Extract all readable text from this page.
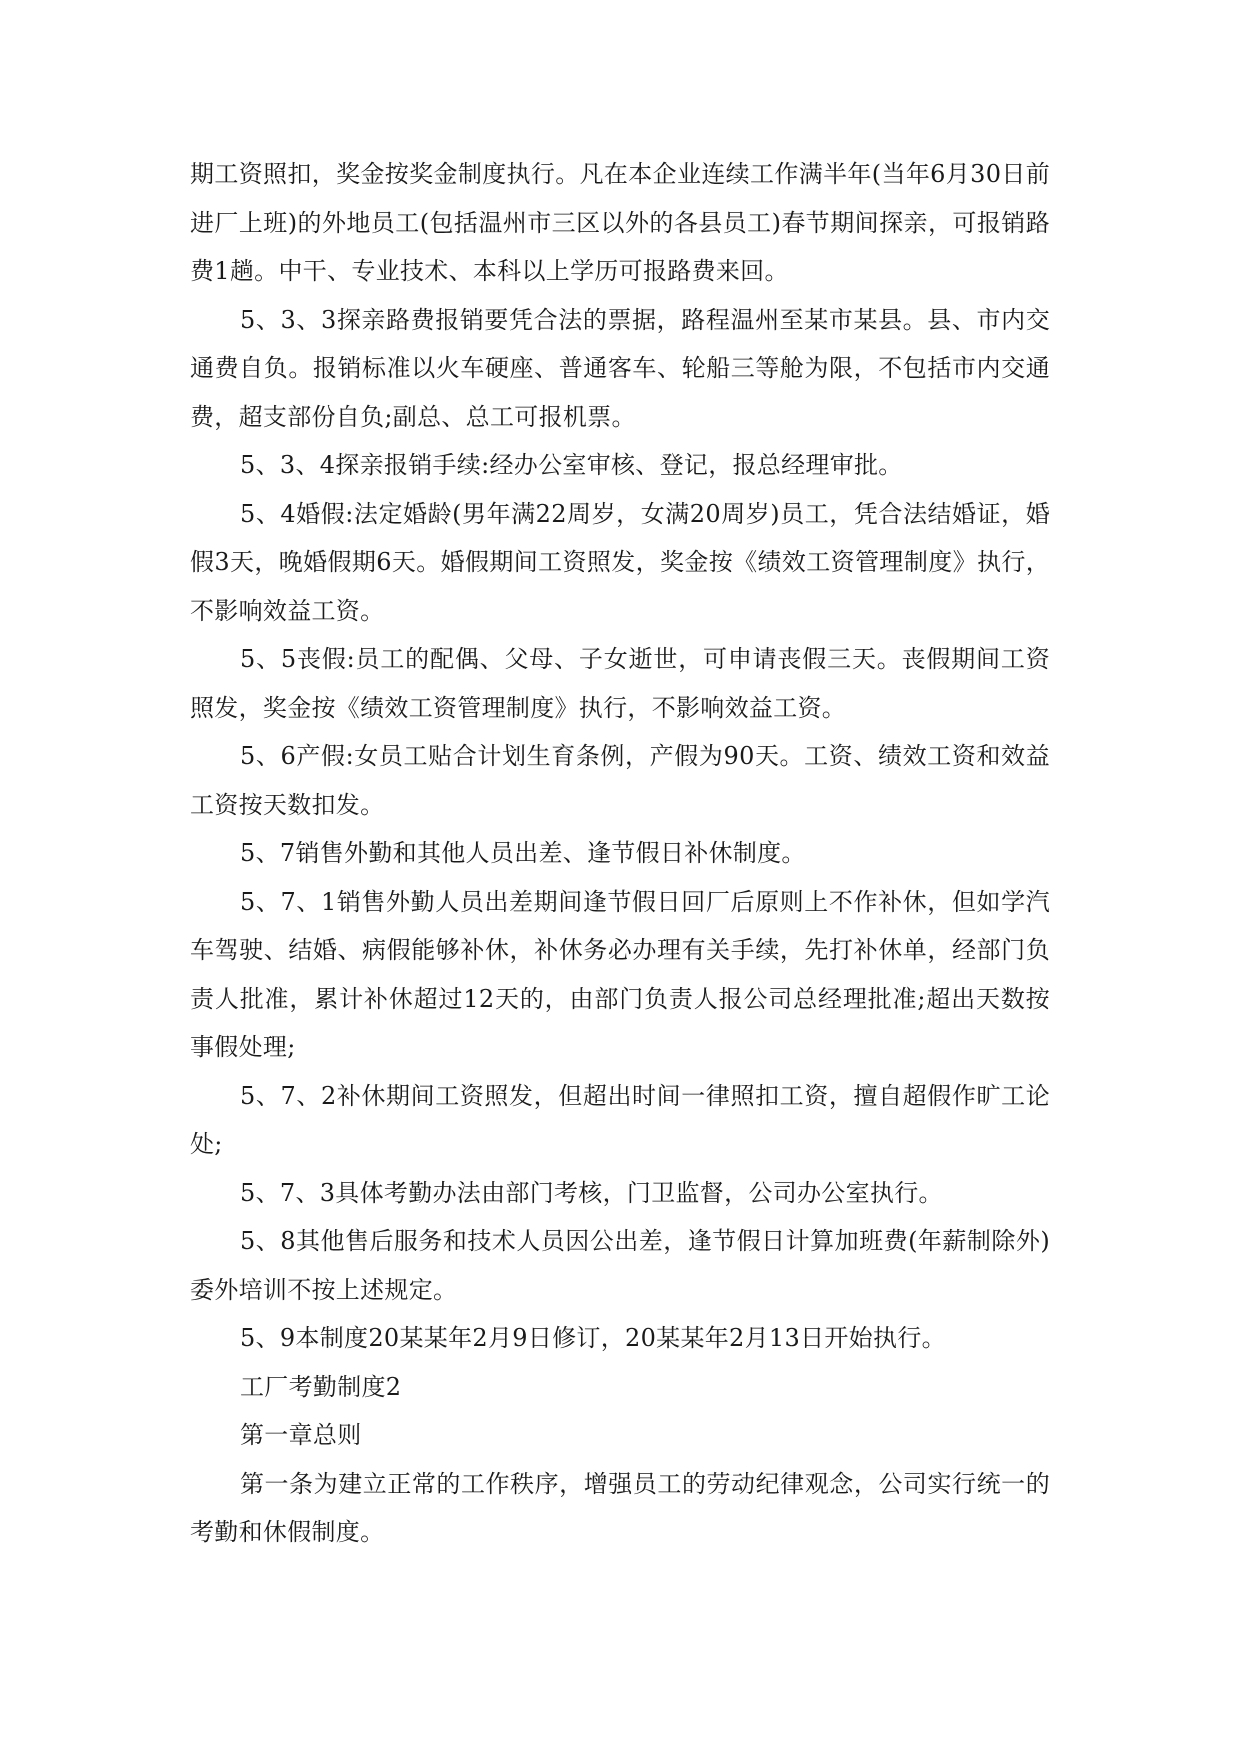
期工资照扣，奖金按奖金制度执行。凡在本企业连续工作满半年(当年6月30日前进厂上班)的外地员工(包括温州市三区以外的各县员工)春节期间探亲，可报销路费1趟。中干、专业技术、本科以上学历可报路费来回。

5、3、3探亲路费报销要凭合法的票据，路程温州至某市某县。县、市内交通费自负。报销标准以火车硬座、普通客车、轮船三等舱为限，不包括市内交通费，超支部份自负;副总、总工可报机票。

5、3、4探亲报销手续:经办公室审核、登记，报总经理审批。

5、4婚假:法定婚龄(男年满22周岁，女满20周岁)员工，凭合法结婚证，婚假3天，晚婚假期6天。婚假期间工资照发，奖金按《绩效工资管理制度》执行，不影响效益工资。

5、5丧假:员工的配偶、父母、子女逝世，可申请丧假三天。丧假期间工资照发，奖金按《绩效工资管理制度》执行，不影响效益工资。

5、6产假:女员工贴合计划生育条例，产假为90天。工资、绩效工资和效益工资按天数扣发。

5、7销售外勤和其他人员出差、逢节假日补休制度。

5、7、1销售外勤人员出差期间逢节假日回厂后原则上不作补休，但如学汽车驾驶、结婚、病假能够补休，补休务必办理有关手续，先打补休单，经部门负责人批准，累计补休超过12天的，由部门负责人报公司总经理批准;超出天数按事假处理;

5、7、2补休期间工资照发，但超出时间一律照扣工资，擅自超假作旷工论处;

5、7、3具体考勤办法由部门考核，门卫监督，公司办公室执行。

5、8其他售后服务和技术人员因公出差，逢节假日计算加班费(年薪制除外)委外培训不按上述规定。

5、9本制度20某某年2月9日修订，20某某年2月13日开始执行。

工厂考勤制度2

第一章总则

第一条为建立正常的工作秩序，增强员工的劳动纪律观念，公司实行统一的考勤和休假制度。
